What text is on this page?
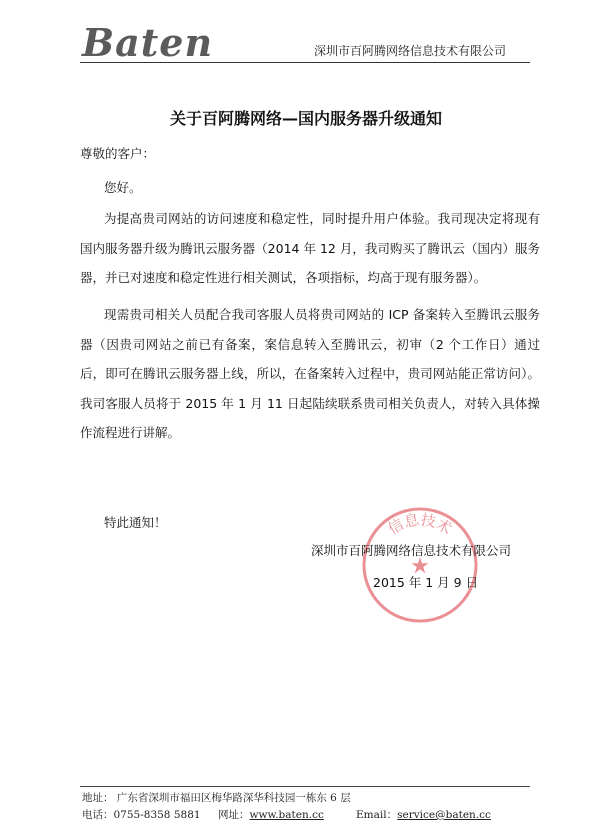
Baten	深圳市百阿腾网络信息技术有限公司
关于百阿腾网络—国内服务器升级通知
尊敬的客户：
您好。
为提高贵司网站的访问速度和稳定性，同时提升用户体验。我司现决定将现有国内服务器升级为腾讯云服务器（2014 年 12 月，我司购买了腾讯云（国内）服务器，并已对速度和稳定性进行相关测试，各项指标，均高于现有服务器）。
现需贵司相关人员配合我司客服人员将贵司网站的 ICP 备案转入至腾讯云服务器（因贵司网站之前已有备案，案信息转入至腾讯云，初审（2 个工作日）通过后，即可在腾讯云服务器上线，所以，在备案转入过程中，贵司网站能正常访问）。我司客服人员将于 2015 年 1 月 11 日起陆续联系贵司相关负责人，对转入具体操作流程进行讲解。
特此通知！	信息技术
★
深圳市百阿腾网络信息技术有限公司
2015 年 1 月 9 日
地址： 广东省深圳市福田区梅华路深华科技园一栋东 6 层
电话：0755-8358 5881 网址：www.baten.cc	Email：service@baten.cc
